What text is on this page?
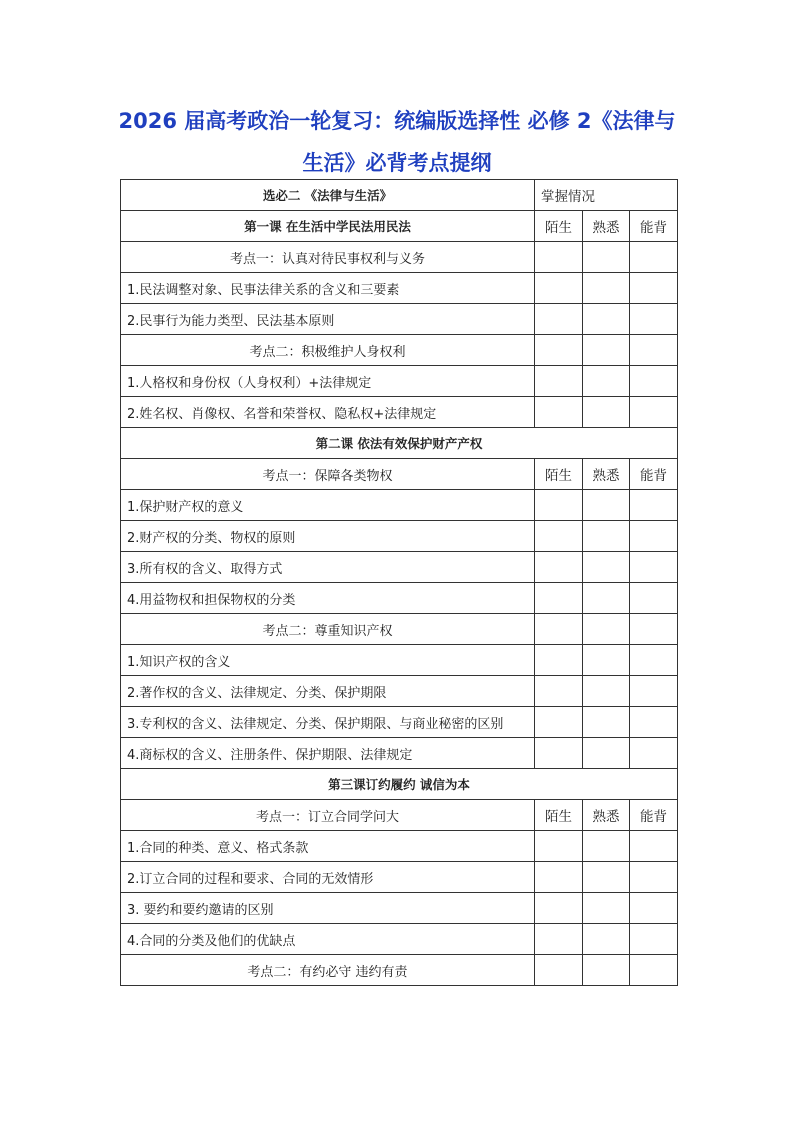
2026 届高考政治一轮复习：统编版选择性 必修 2《法律与
生活》必背考点提纲
选必二 《法律与生活》	掌握情况		
第一课 在生活中学民法用民法	陌生	熟悉	能背
考点一：认真对待民事权利与义务			
1.民法调整对象、民事法律关系的含义和三要素			
2.民事行为能力类型、民法基本原则			
考点二：积极维护人身权利			
1.人格权和身份权（人身权利）+法律规定			
2.姓名权、肖像权、名誉和荣誉权、隐私权+法律规定			
第二课 依法有效保护财产产权			
考点一：保障各类物权	陌生	熟悉	能背
1.保护财产权的意义			
2.财产权的分类、物权的原则			
3.所有权的含义、取得方式			
4.用益物权和担保物权的分类			
考点二：尊重知识产权			
1.知识产权的含义			
2.著作权的含义、法律规定、分类、保护期限			
3.专利权的含义、法律规定、分类、保护期限、与商业秘密的区别			
4.商标权的含义、注册条件、保护期限、法律规定			
第三课订约履约 诚信为本			
考点一：订立合同学问大	陌生	熟悉	能背
1.合同的种类、意义、格式条款			
2.订立合同的过程和要求、合同的无效情形			
3. 要约和要约邀请的区别			
4.合同的分类及他们的优缺点			
考点二：有约必守 违约有责			
